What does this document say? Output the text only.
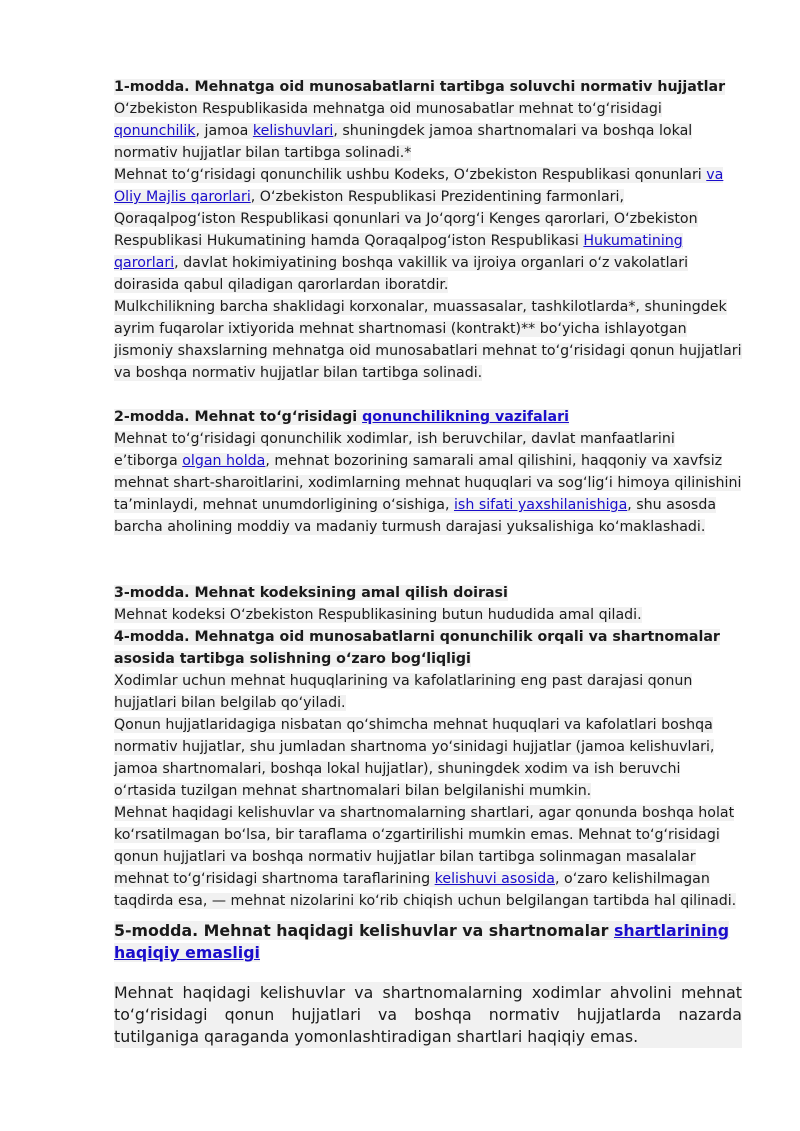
1-modda. Mehnatga oid munosabatlarni tartibga soluvchi normativ hujjatlar
O‘zbekiston Respublikasida mehnatga oid munosabatlar mehnat to‘g‘risidagi qonunchilik, jamoa kelishuvlari, shuningdek jamoa shartnomalari va boshqa lokal normativ hujjatlar bilan tartibga solinadi.*
Mehnat to‘g‘risidagi qonunchilik ushbu Kodeks, O‘zbekiston Respublikasi qonunlari va Oliy Majlis qarorlari, O‘zbekiston Respublikasi Prezidentining farmonlari, Qoraqalpog‘iston Respublikasi qonunlari va Jo‘qorg‘i Kenges qarorlari, O‘zbekiston Respublikasi Hukumatining hamda Qoraqalpog‘iston Respublikasi Hukumatining qarorlari, davlat hokimiyatining boshqa vakillik va ijroiya organlari o‘z vakolatlari doirasida qabul qiladigan qarorlardan iboratdir.
Mulkchilikning barcha shaklidagi korxonalar, muassasalar, tashkilotlarda*, shuningdek ayrim fuqarolar ixtiyorida mehnat shartnomasi (kontrakt)** bo‘yicha ishlayotgan jismoniy shaxslarning mehnatga oid munosabatlari mehnat to‘g‘risidagi qonun hujjatlari va boshqa normativ hujjatlar bilan tartibga solinadi.
2-modda. Mehnat to‘g‘risidagi qonunchilikning vazifalari
Mehnat to‘g‘risidagi qonunchilik xodimlar, ish beruvchilar, davlat manfaatlarini e’tiborga olgan holda, mehnat bozorining samarali amal qilishini, haqqoniy va xavfsiz mehnat shart-sharoitlarini, xodimlarning mehnat huquqlari va sog‘lig‘i himoya qilinishini ta’minlaydi, mehnat unumdorligining o‘sishiga, ish sifati yaxshilanishiga, shu asosda barcha aholining moddiy va madaniy turmush darajasi yuksalishiga ko‘maklashadi.
3-modda. Mehnat kodeksining amal qilish doirasi
Mehnat kodeksi O‘zbekiston Respublikasining butun hududida amal qiladi.
4-modda. Mehnatga oid munosabatlarni qonunchilik orqali va shartnomalar asosida tartibga solishning o‘zaro bog‘liqligi
Xodimlar uchun mehnat huquqlarining va kafolatlarining eng past darajasi qonun hujjatlari bilan belgilab qo‘yiladi.
Qonun hujjatlaridagiga nisbatan qo‘shimcha mehnat huquqlari va kafolatlari boshqa normativ hujjatlar, shu jumladan shartnoma yo‘sinidagi hujjatlar (jamoa kelishuvlari, jamoa shartnomalari, boshqa lokal hujjatlar), shuningdek xodim va ish beruvchi o‘rtasida tuzilgan mehnat shartnomalari bilan belgilanishi mumkin.
Mehnat haqidagi kelishuvlar va shartnomalarning shartlari, agar qonunda boshqa holat ko‘rsatilmagan bo‘lsa, bir taraflama o‘zgartirilishi mumkin emas. Mehnat to‘g‘risidagi qonun hujjatlari va boshqa normativ hujjatlar bilan tartibga solinmagan masalalar mehnat to‘g‘risidagi shartnoma taraflarining kelishuvi asosida, o‘zaro kelishilmagan taqdirda esa, — mehnat nizolarini ko‘rib chiqish uchun belgilangan tartibda hal qilinadi.
5-modda. Mehnat haqidagi kelishuvlar va shartnomalar shartlarining haqiqiy emasligi
Mehnat haqidagi kelishuvlar va shartnomalarning xodimlar ahvolini mehnat to‘g‘risidagi qonun hujjatlari va boshqa normativ hujjatlarda nazarda tutilganiga qaraganda yomonlashtiradigan shartlari haqiqiy emas.
